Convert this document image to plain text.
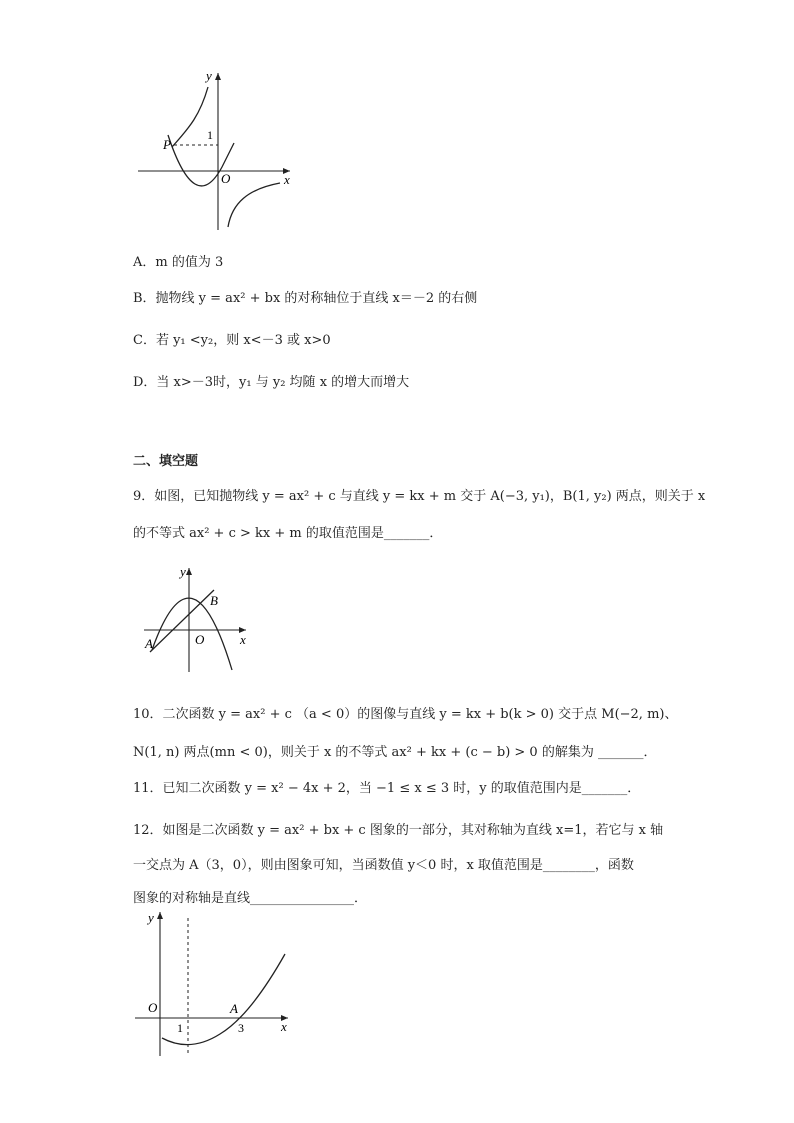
P
1
O	x
y
A．m 的值为 3
B．抛物线 y = ax² + bx 的对称轴位于直线 x＝－2 的右侧
C．若 y₁ <y₂，则 x<－3 或 x>0
D．当 x>－3时，y₁ 与 y₂ 均随 x 的增大而增大
二、填空题
9．如图，已知抛物线 y = ax² + c 与直线 y = kx + m 交于 A(−3, y₁)，B(1, y₂) 两点，则关于 x
的不等式 ax² + c > kx + m 的取值范围是_______．
A
B
O	x
y
10．二次函数 y = ax² + c （a < 0）的图像与直线 y = kx + b(k > 0) 交于点 M(−2, m)、
N(1, n) 两点(mn < 0)，则关于 x 的不等式 ax² + kx + (c − b) > 0 的解集为 _______．
11．已知二次函数 y = x² − 4x + 2，当 −1 ≤ x ≤ 3 时，y 的取值范围内是_______．
12．如图是二次函数 y = ax² + bx + c 图象的一部分，其对称轴为直线 x=1，若它与 x 轴
一交点为 A（3，0），则由图象可知，当函数值 y＜0 时，x 取值范围是________，函数
图象的对称轴是直线________________．
O
1	3
A
x
y
